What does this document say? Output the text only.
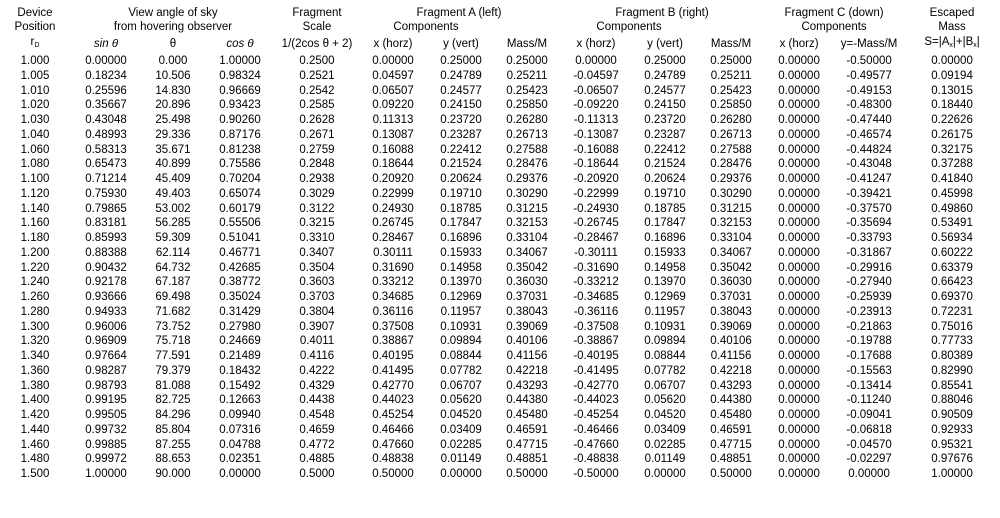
Device	View angle of sky			Fragment	Fragment A (left)			Fragment B (right)			Fragment C (down)		Escaped
Position	from hovering observer			Scale	Components			Components			Components		Mass
$r_D$	sin θ	θ	cos θ	1/(2cos θ + 2)	x (horz)	y (vert)	Mass/M	x (horz)	y (vert)	Mass/M	x (horz)	y=-Mass/M	$S=|A_x|+|B_x|$
1.000	0.00000	0.000	1.00000	0.2500	0.00000	0.25000	0.25000	0.00000	0.25000	0.25000	0.00000	-0.50000	0.00000
1.005	0.18234	10.506	0.98324	0.2521	0.04597	0.24789	0.25211	-0.04597	0.24789	0.25211	0.00000	-0.49577	0.09194
1.010	0.25596	14.830	0.96669	0.2542	0.06507	0.24577	0.25423	-0.06507	0.24577	0.25423	0.00000	-0.49153	0.13015
1.020	0.35667	20.896	0.93423	0.2585	0.09220	0.24150	0.25850	-0.09220	0.24150	0.25850	0.00000	-0.48300	0.18440
1.030	0.43048	25.498	0.90260	0.2628	0.11313	0.23720	0.26280	-0.11313	0.23720	0.26280	0.00000	-0.47440	0.22626
1.040	0.48993	29.336	0.87176	0.2671	0.13087	0.23287	0.26713	-0.13087	0.23287	0.26713	0.00000	-0.46574	0.26175
1.060	0.58313	35.671	0.81238	0.2759	0.16088	0.22412	0.27588	-0.16088	0.22412	0.27588	0.00000	-0.44824	0.32175
1.080	0.65473	40.899	0.75586	0.2848	0.18644	0.21524	0.28476	-0.18644	0.21524	0.28476	0.00000	-0.43048	0.37288
1.100	0.71214	45.409	0.70204	0.2938	0.20920	0.20624	0.29376	-0.20920	0.20624	0.29376	0.00000	-0.41247	0.41840
1.120	0.75930	49.403	0.65074	0.3029	0.22999	0.19710	0.30290	-0.22999	0.19710	0.30290	0.00000	-0.39421	0.45998
1.140	0.79865	53.002	0.60179	0.3122	0.24930	0.18785	0.31215	-0.24930	0.18785	0.31215	0.00000	-0.37570	0.49860
1.160	0.83181	56.285	0.55506	0.3215	0.26745	0.17847	0.32153	-0.26745	0.17847	0.32153	0.00000	-0.35694	0.53491
1.180	0.85993	59.309	0.51041	0.3310	0.28467	0.16896	0.33104	-0.28467	0.16896	0.33104	0.00000	-0.33793	0.56934
1.200	0.88388	62.114	0.46771	0.3407	0.30111	0.15933	0.34067	-0.30111	0.15933	0.34067	0.00000	-0.31867	0.60222
1.220	0.90432	64.732	0.42685	0.3504	0.31690	0.14958	0.35042	-0.31690	0.14958	0.35042	0.00000	-0.29916	0.63379
1.240	0.92178	67.187	0.38772	0.3603	0.33212	0.13970	0.36030	-0.33212	0.13970	0.36030	0.00000	-0.27940	0.66423
1.260	0.93666	69.498	0.35024	0.3703	0.34685	0.12969	0.37031	-0.34685	0.12969	0.37031	0.00000	-0.25939	0.69370
1.280	0.94933	71.682	0.31429	0.3804	0.36116	0.11957	0.38043	-0.36116	0.11957	0.38043	0.00000	-0.23913	0.72231
1.300	0.96006	73.752	0.27980	0.3907	0.37508	0.10931	0.39069	-0.37508	0.10931	0.39069	0.00000	-0.21863	0.75016
1.320	0.96909	75.718	0.24669	0.4011	0.38867	0.09894	0.40106	-0.38867	0.09894	0.40106	0.00000	-0.19788	0.77733
1.340	0.97664	77.591	0.21489	0.4116	0.40195	0.08844	0.41156	-0.40195	0.08844	0.41156	0.00000	-0.17688	0.80389
1.360	0.98287	79.379	0.18432	0.4222	0.41495	0.07782	0.42218	-0.41495	0.07782	0.42218	0.00000	-0.15563	0.82990
1.380	0.98793	81.088	0.15492	0.4329	0.42770	0.06707	0.43293	-0.42770	0.06707	0.43293	0.00000	-0.13414	0.85541
1.400	0.99195	82.725	0.12663	0.4438	0.44023	0.05620	0.44380	-0.44023	0.05620	0.44380	0.00000	-0.11240	0.88046
1.420	0.99505	84.296	0.09940	0.4548	0.45254	0.04520	0.45480	-0.45254	0.04520	0.45480	0.00000	-0.09041	0.90509
1.440	0.99732	85.804	0.07316	0.4659	0.46466	0.03409	0.46591	-0.46466	0.03409	0.46591	0.00000	-0.06818	0.92933
1.460	0.99885	87.255	0.04788	0.4772	0.47660	0.02285	0.47715	-0.47660	0.02285	0.47715	0.00000	-0.04570	0.95321
1.480	0.99972	88.653	0.02351	0.4885	0.48838	0.01149	0.48851	-0.48838	0.01149	0.48851	0.00000	-0.02297	0.97676
1.500	1.00000	90.000	0.00000	0.5000	0.50000	0.00000	0.50000	-0.50000	0.00000	0.50000	0.00000	0.00000	1.00000
